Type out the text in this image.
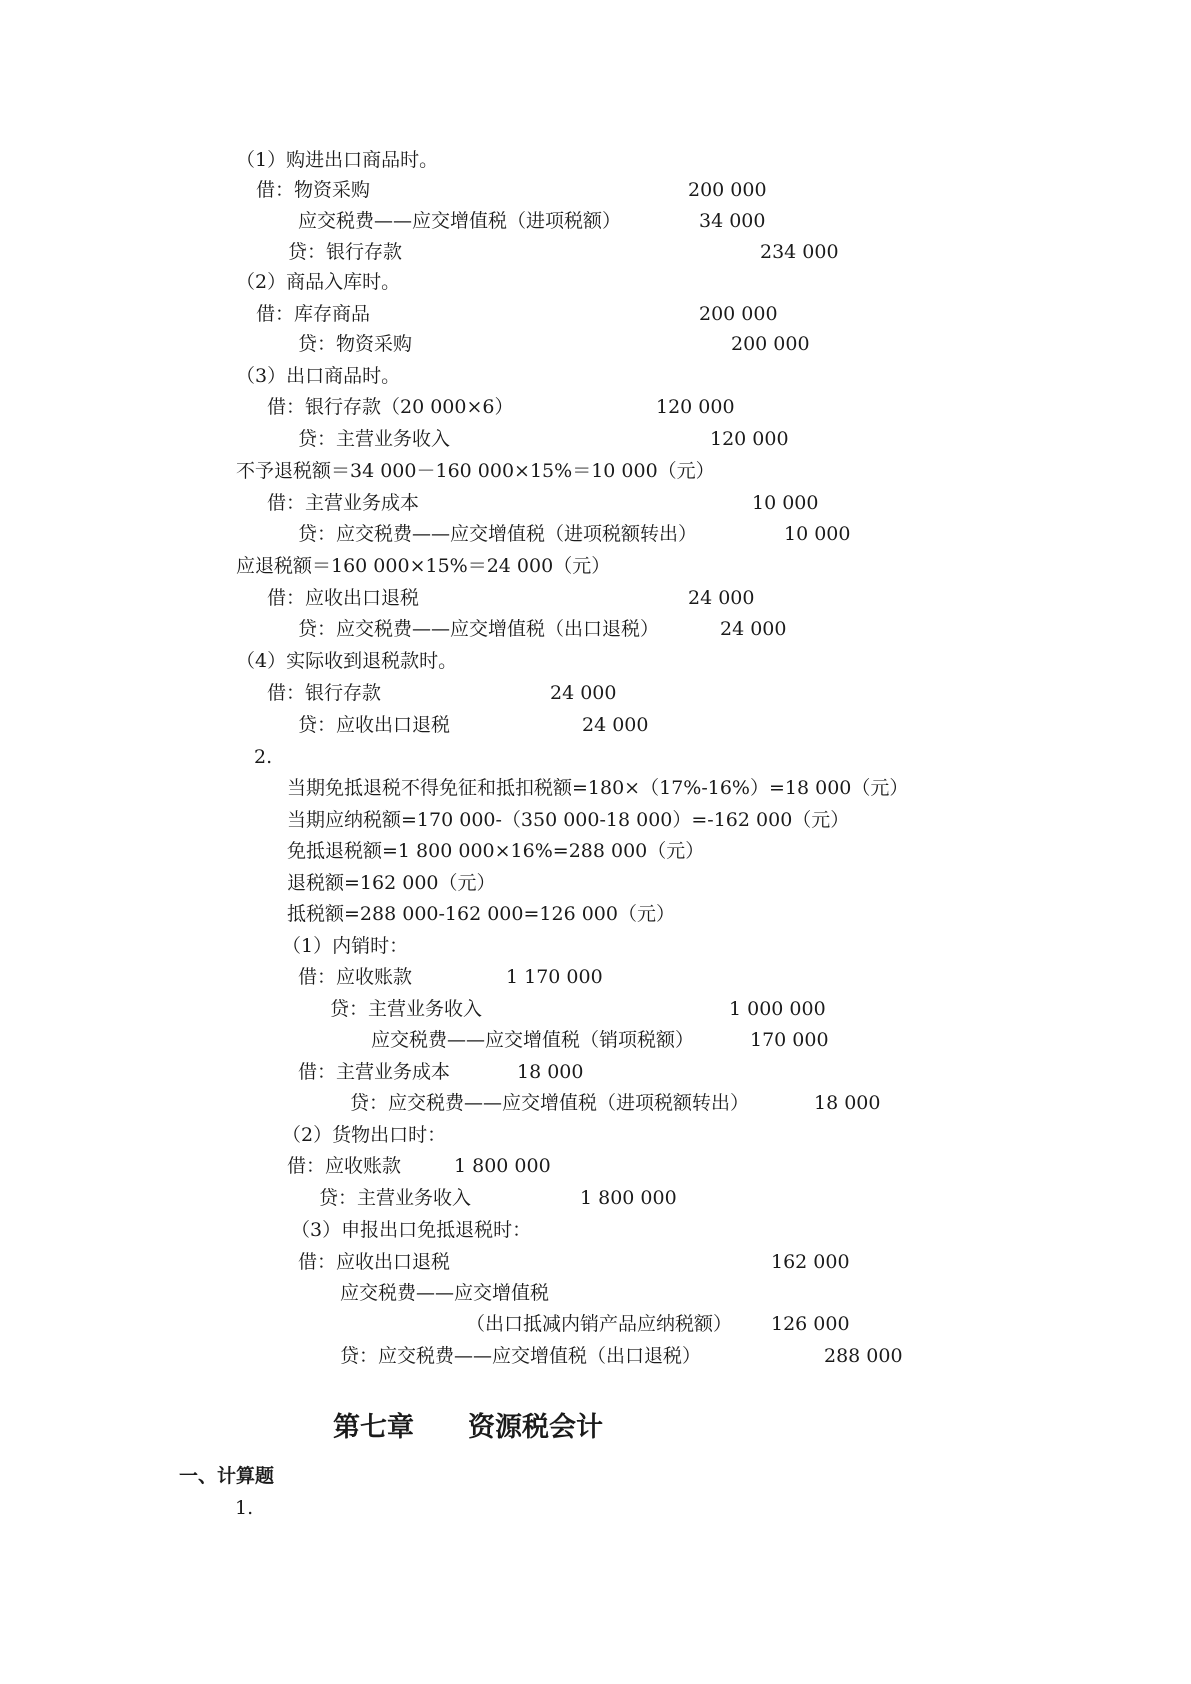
（1）购进出口商品时。
借：物资采购	200 000
应交税费——应交增值税（进项税额）	34 000
贷：银行存款	234 000
（2）商品入库时。
借：库存商品	200 000
贷：物资采购	200 000
（3）出口商品时。
借：银行存款（20 000×6）	120 000
贷：主营业务收入	120 000
不予退税额＝34 000－160 000×15%＝10 000（元）
借：主营业务成本	10 000
贷：应交税费——应交增值税（进项税额转出）	10 000
应退税额＝160 000×15%＝24 000（元）
借：应收出口退税	24 000
贷：应交税费——应交增值税（出口退税）	24 000
（4）实际收到退税款时。
借：银行存款	24 000
贷：应收出口退税	24 000
2.
当期免抵退税不得免征和抵扣税额=180×（17%-16%）=18 000（元）
当期应纳税额=170 000-（350 000-18 000）=-162 000（元）
免抵退税额=1 800 000×16%=288 000（元）
退税额=162 000（元）
抵税额=288 000-162 000=126 000（元）
（1）内销时：
借：应收账款	1 170 000
贷：主营业务收入	1 000 000
应交税费——应交增值税（销项税额）	170 000
借：主营业务成本	18 000
贷：应交税费——应交增值税（进项税额转出）	18 000
（2）货物出口时：
借：应收账款	1 800 000
贷：主营业务收入	1 800 000
（3）申报出口免抵退税时：
借：应收出口退税	162 000
应交税费——应交增值税
（出口抵减内销产品应纳税额） 126 000
贷：应交税费——应交增值税（出口退税）	288 000
第七章　　资源税会计
一、计算题
1.
